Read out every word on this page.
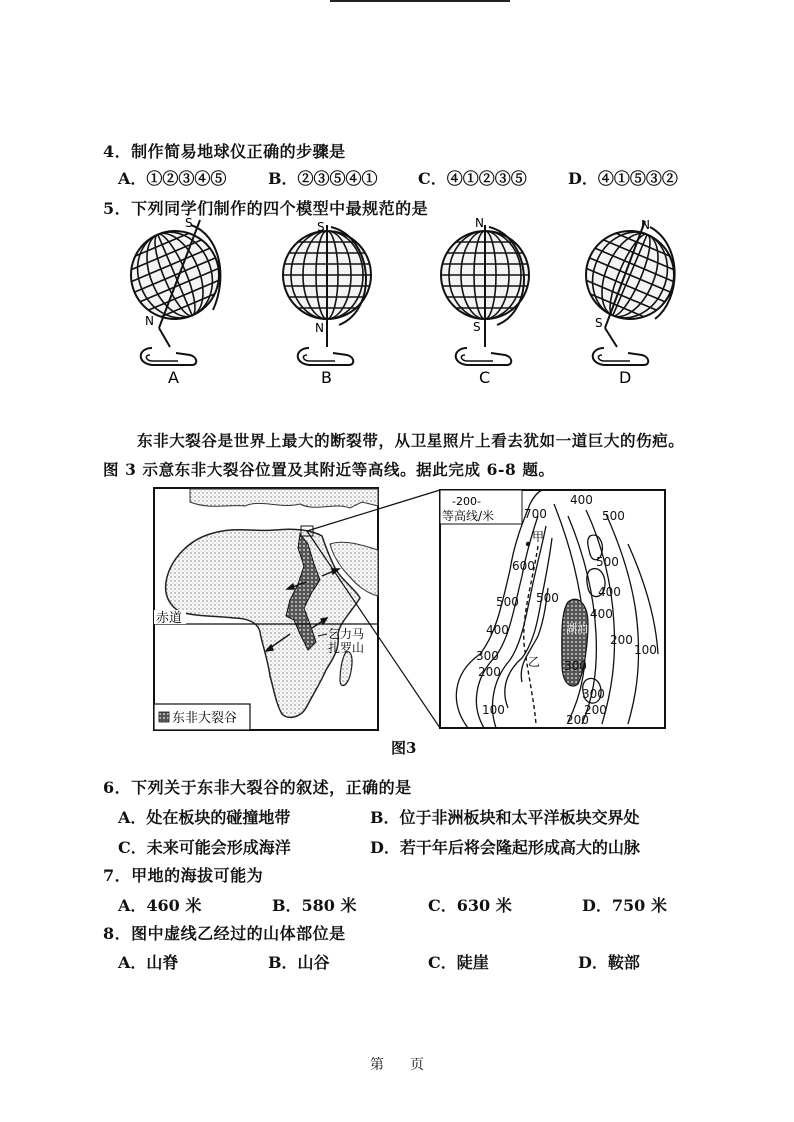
4．制作简易地球仪正确的步骤是
A．①②③④⑤	B．②③⑤④①	C．④①②③⑤	D．④①⑤③②
5．下列同学们制作的四个模型中最规范的是
S
N
A
S
N
B
N
S
C
N
S
D
东非大裂谷是世界上最大的断裂带，从卫星照片上看去犹如一道巨大的伤疤。
图 3 示意东非大裂谷位置及其附近等高线。据此完成 6-8 题。
赤道
乞力马
扎罗山
东非大裂谷
湖泊
甲
乙
-200-
等高线/米 700
400
500
500
600
400
500 500
400
400
300
200
100
300
200
100
300
200
200
图3
6．下列关于东非大裂谷的叙述，正确的是
A．处在板块的碰撞地带	B．位于非洲板块和太平洋板块交界处
C．未来可能会形成海洋	D．若干年后将会隆起形成高大的山脉
7．甲地的海拔可能为
A．460 米	B．580 米	C．630 米	D．750 米
8．图中虚线乙经过的山体部位是
A．山脊	B．山谷	C．陡崖	D．鞍部
第 页
